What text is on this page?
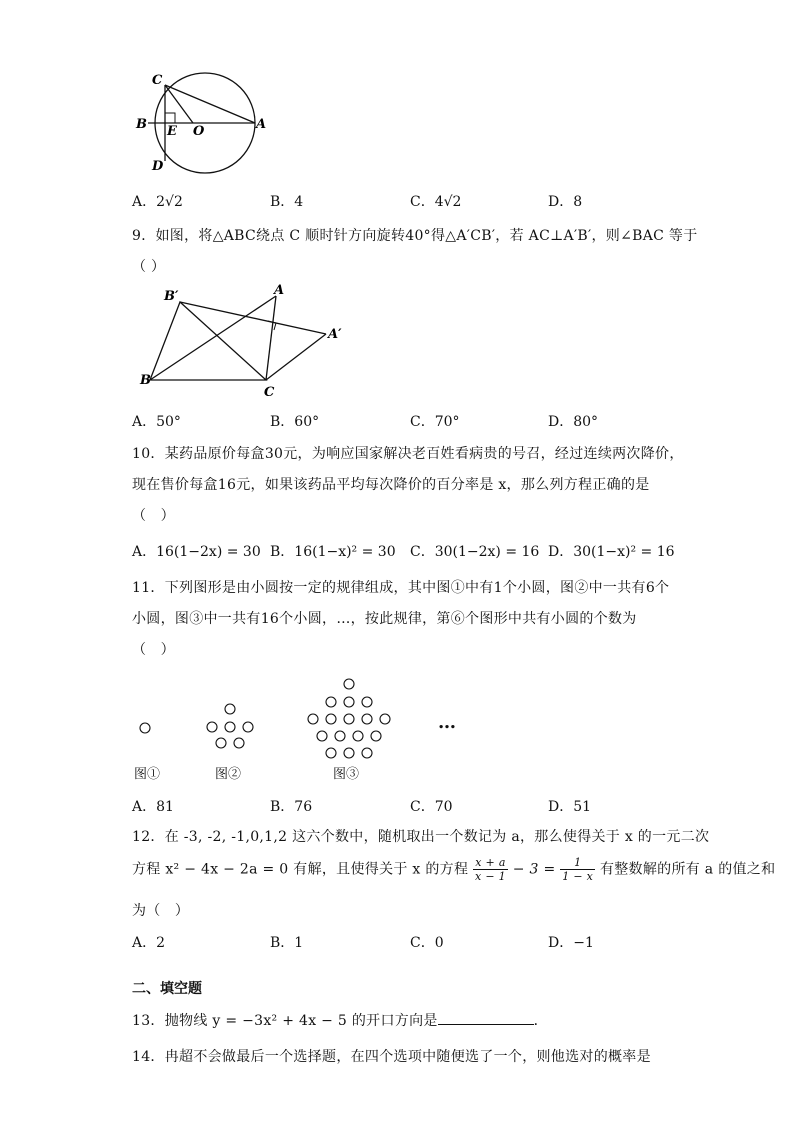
C
B E O	A
D
A．2√2	B．4	C．4√2	D．8
9．如图，将△ABC绕点 C 顺时针方向旋转40°得△A′CB′，若 AC⊥A′B′，则∠BAC 等于
（ ）
B′	A
A′
B
C
A．50°	B．60°	C．70°	D．80°
10．某药品原价每盒30元，为响应国家解决老百姓看病贵的号召，经过连续两次降价，
现在售价每盒16元，如果该药品平均每次降价的百分率是 x，那么列方程正确的是
（　）
A．16(1−2x) = 30 B．16(1−x)² = 30 C．30(1−2x) = 16 D．30(1−x)² = 16
11．下列图形是由小圆按一定的规律组成，其中图①中有1个小圆，图②中一共有6个
小圆，图③中一共有16个小圆，…，按此规律，第⑥个图形中共有小圆的个数为
（　）
…
图①	图②	图③
A．81	B．76	C．70	D．51
12．在 -3, -2, -1,0,1,2 这六个数中，随机取出一个数记为 a，那么使得关于 x 的一元二次
方程 x² − 4x − 2a = 0 有解，且使得关于 x 的方程 $\frac{x + a}{x - 1} - 3 = \frac{1}{1 - x}$ 有整数解的所有 a 的值之和
为（　）
A．2	B．1	C．0	D．−1
二、填空题
13．抛物线 y = −3x² + 4x − 5 的开口方向是	．
14．冉超不会做最后一个选择题，在四个选项中随便选了一个，则他选对的概率是
